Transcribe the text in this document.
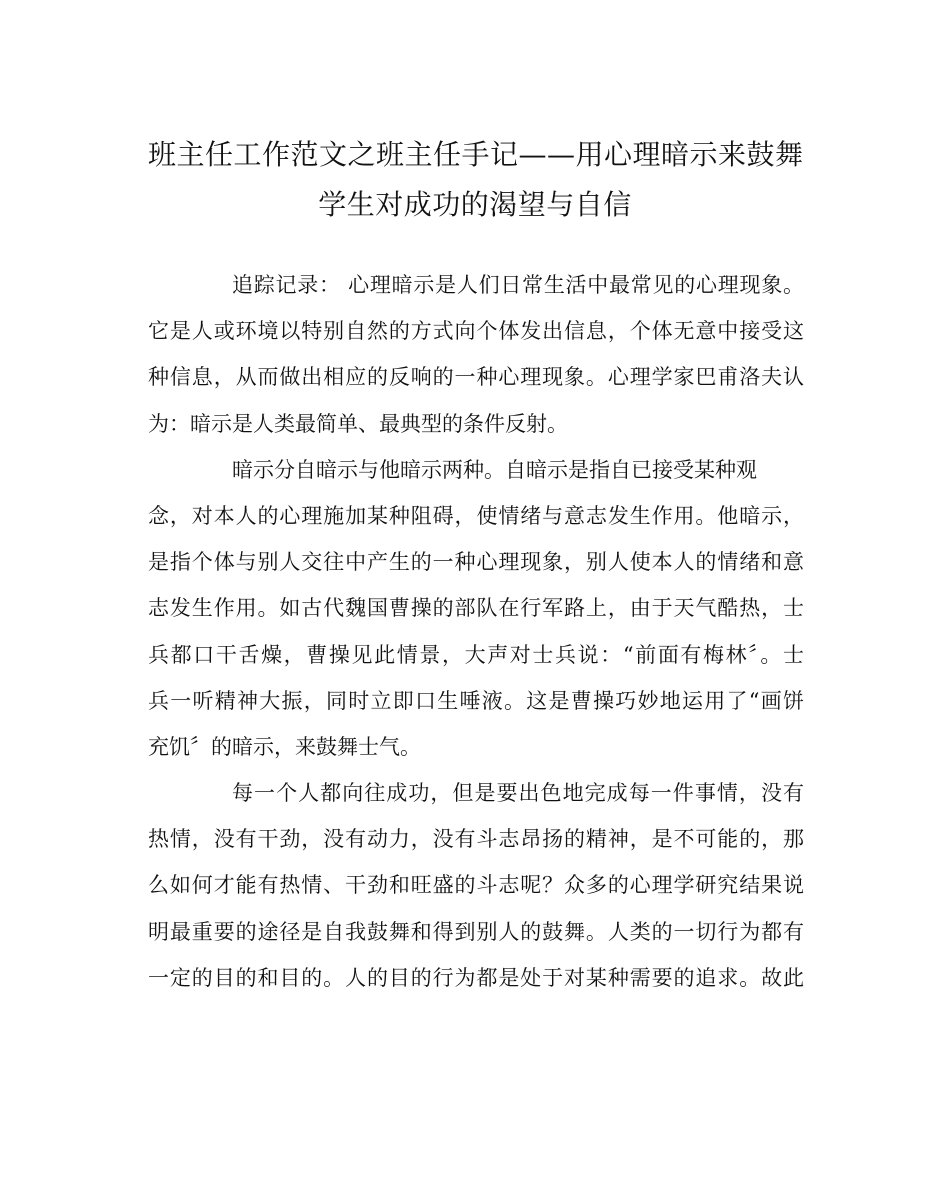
班主任工作范文之班主任手记——用心理暗示来鼓舞
学生对成功的渴望与自信

追踪记录： 心理暗示是人们日常生活中最常见的心理现象。
它是人或环境以特别自然的方式向个体发出信息，个体无意中接受这
种信息，从而做出相应的反响的一种心理现象。心理学家巴甫洛夫认
为：暗示是人类最简单、最典型的条件反射。

暗示分自暗示与他暗示两种。自暗示是指自已接受某种观
念，对本人的心理施加某种阻碍，使情绪与意志发生作用。他暗示，
是指个体与别人交往中产生的一种心理现象，别人使本人的情绪和意
志发生作用。如古代魏国曹操的部队在行军路上，由于天气酷热，士
兵都口干舌燥，曹操见此情景，大声对士兵说：“前面有梅林〞。士
兵一听精神大振，同时立即口生唾液。这是曹操巧妙地运用了“画饼
充饥〞的暗示，来鼓舞士气。

每一个人都向往成功，但是要出色地完成每一件事情，没有
热情，没有干劲，没有动力，没有斗志昂扬的精神，是不可能的，那
么如何才能有热情、干劲和旺盛的斗志呢？众多的心理学研究结果说
明最重要的途径是自我鼓舞和得到别人的鼓舞。人类的一切行为都有
一定的目的和目的。人的目的行为都是处于对某种需要的追求。故此
